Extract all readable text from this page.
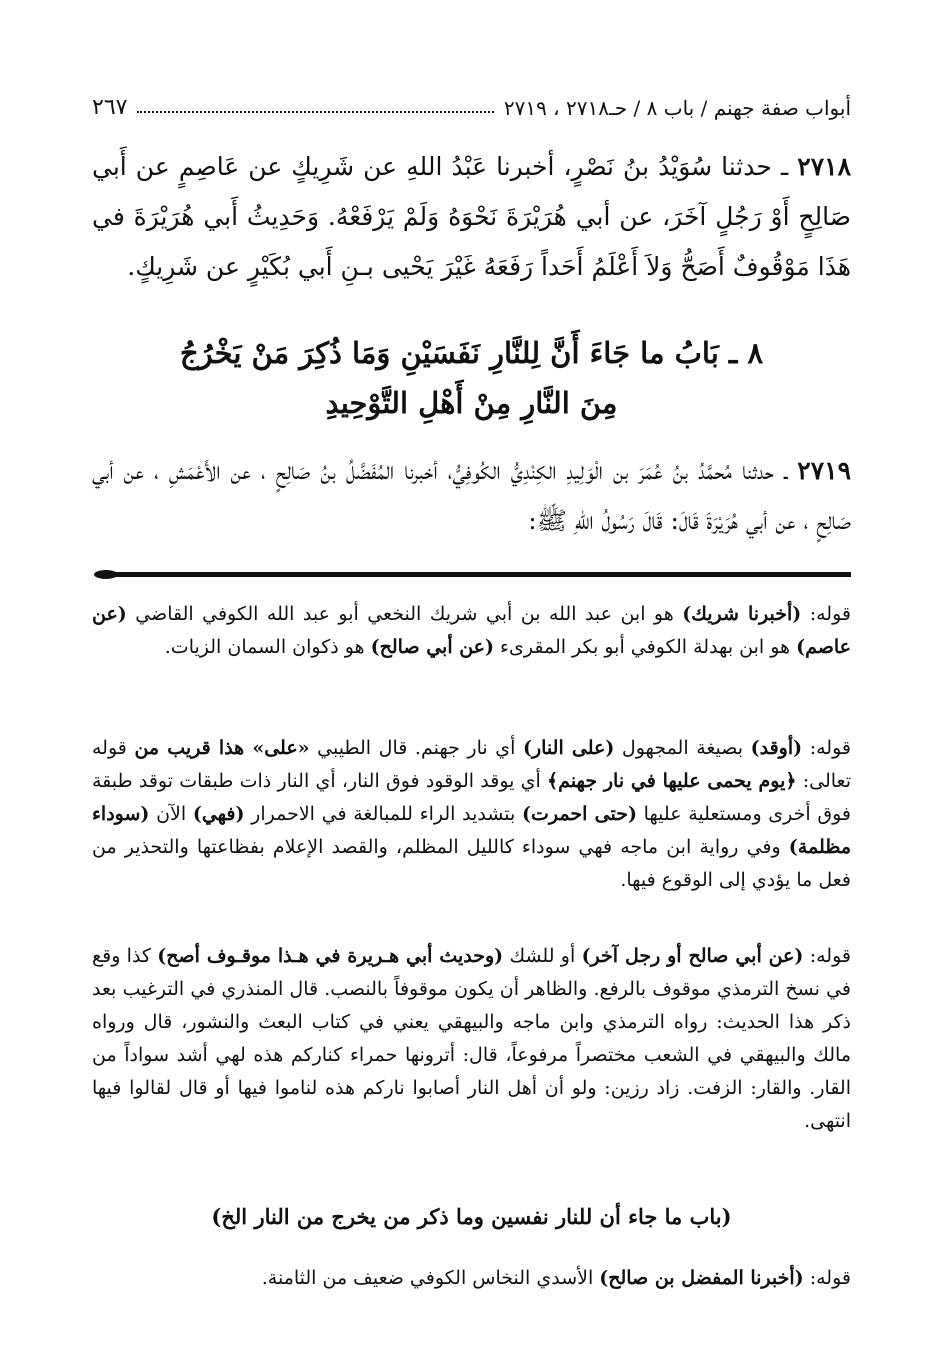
أبواب صفة جهنم / باب ٨ / حـ٢٧١٨ ، ٢٧١٩
٢٦٧

٢٧١٨ ـ حدثنا سُوَيْدُ بنُ نَصْرٍ، أخبرنا عَبْدُ اللهِ عن شَرِيكٍ عن عَاصِمٍ عن أَبي صَالِحٍ أَوْ رَجُلٍ آخَرَ، عن أبي هُرَيْرَةَ نَحْوَهُ وَلَمْ يَرْفَعْهُ. وَحَدِيثُ أَبي هُرَيْرَةَ في هَذَا مَوْقُوفٌ أَصَحُّ وَلاَ أَعْلَمُ أَحَداً رَفَعَهُ غَيْرَ يَحْيى بـنِ أَبي بُكَيْرٍ عن شَرِيكٍ.

٨ ـ بَابُ ما جَاءَ أَنَّ لِلنَّارِ نَفَسَيْنِ وَمَا ذُكِرَ مَنْ يَخْرُجُ
مِنَ النَّارِ مِنْ أَهْلِ التَّوْحِيدِ

٢٧١٩ ـ حدثنا مُحمَّدُ بنُ عُمَرَ بن الْوَلِيدِ الكِنْدِيُّ الكُوفِيُّ، أخبرنا المُفَضَّلُ بنُ صَالِحٍ ، عن الأَعْمَشِ ، عن أبي صَالِحٍ ، عن أبي هُرَيْرَةَ قَالَ: قَالَ رَسُولُ اللهِ ﷺ:

قوله: (أخبرنا شريك) هو ابن عبد الله بن أبي شريك النخعي أبو عبد الله الكوفي القاضي (عن عاصم) هو ابن بهدلة الكوفي أبو بكر المقرىء (عن أبي صالح) هو ذكوان السمان الزيات.

قوله: (أوقد) بصيغة المجهول (على النار) أي نار جهنم. قال الطيبي «على» هذا قريب من قوله تعالى: ﴿يوم يحمى عليها في نار جهنم﴾ أي يوقد الوقود فوق النار، أي النار ذات طبقات توقد طبقة فوق أخرى ومستعلية عليها (حتى احمرت) بتشديد الراء للمبالغة في الاحمرار (فهي) الآن (سوداء مظلمة) وفي رواية ابن ماجه فهي سوداء كالليل المظلم، والقصد الإعلام بفظاعتها والتحذير من فعل ما يؤدي إلى الوقوع فيها.

قوله: (عن أبي صالح أو رجل آخر) أو للشك (وحديث أبي هـريرة في هـذا موقـوف أصح) كذا وقع في نسخ الترمذي موقوف بالرفع. والظاهر أن يكون موقوفاً بالنصب. قال المنذري في الترغيب بعد ذكر هذا الحديث: رواه الترمذي وابن ماجه والبيهقي يعني في كتاب البعث والنشور، قال ورواه مالك والبيهقي في الشعب مختصراً مرفوعاً، قال: أترونها حمراء كناركم هذه لهي أشد سواداً من القار. والقار: الزفت. زاد رزين: ولو أن أهل النار أصابوا ناركم هذه لناموا فيها أو قال لقالوا فيها انتهى.

(باب ما جاء أن للنار نفسين وما ذكر من يخرج من النار الخ)

قوله: (أخبرنا المفضل بن صالح) الأسدي النخاس الكوفي ضعيف من الثامنة.
